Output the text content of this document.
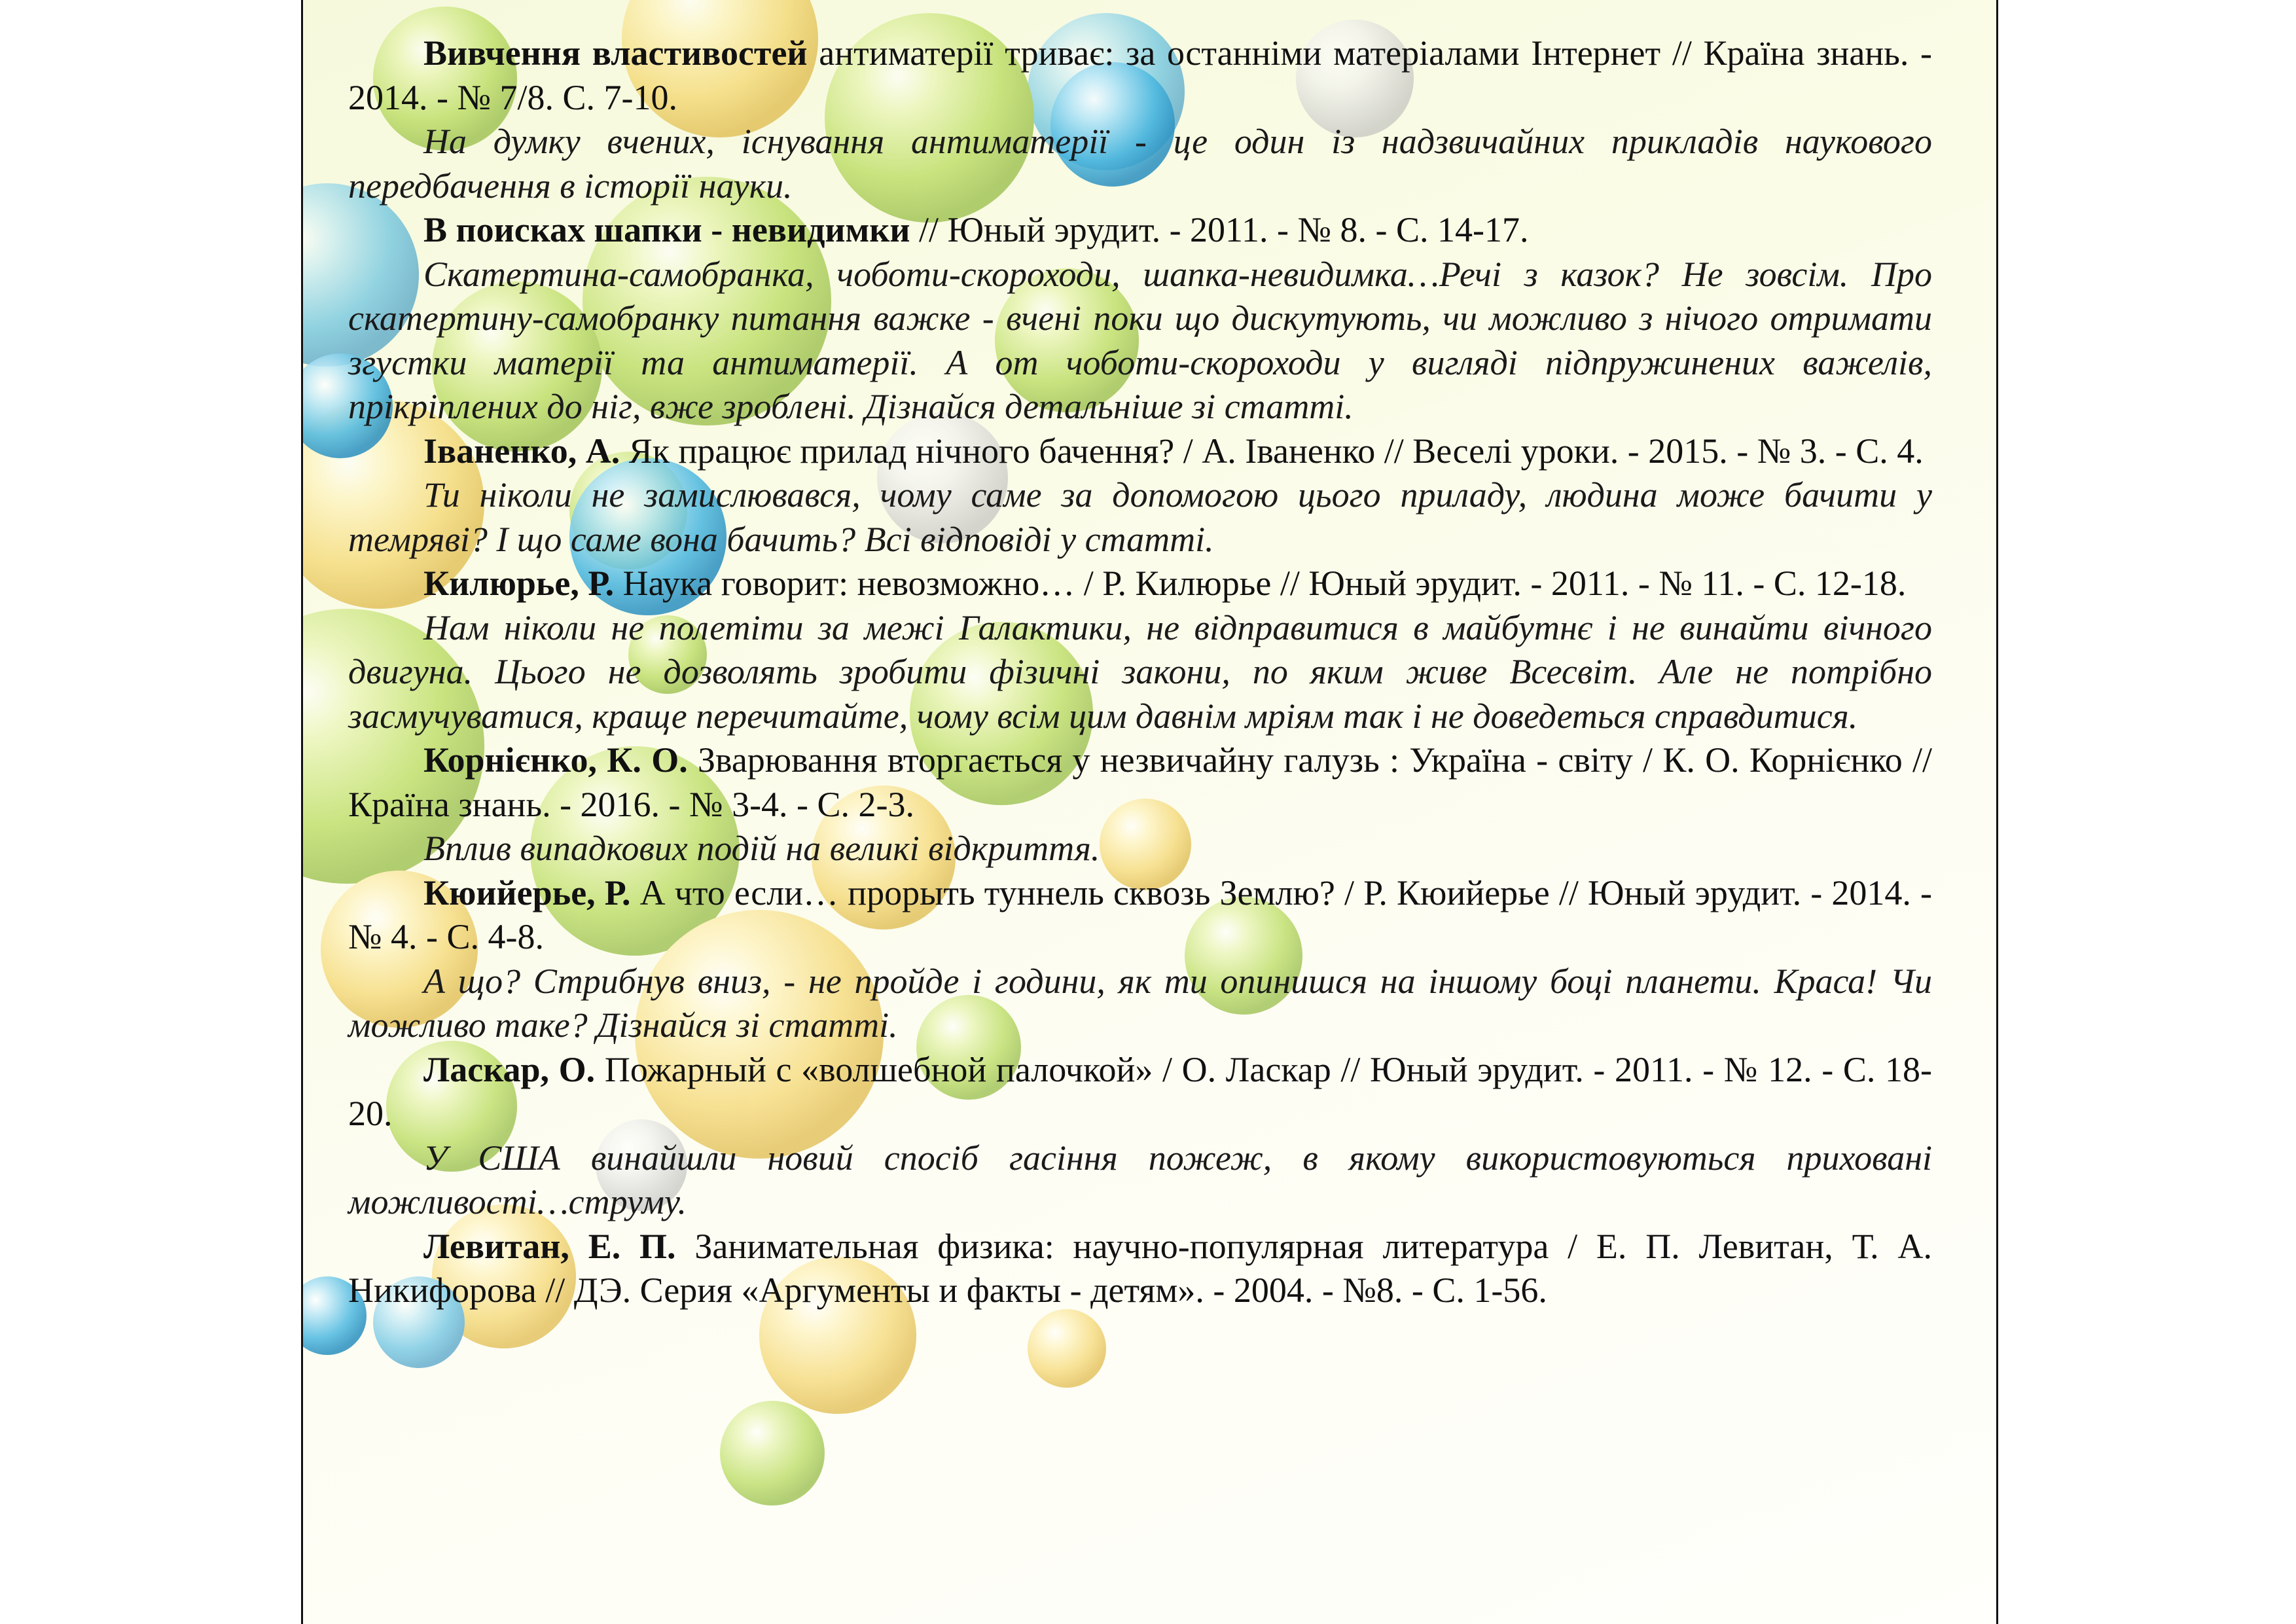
Вивчення властивостей антиматерії триває: за останніми матеріалами Інтернет // Країна знань. - 2014. - № 7/8. С. 7-10.

На думку вчених, існування антиматерії - це один із надзвичайних прикладів наукового передбачення в історії науки.

В поисках шапки - невидимки // Юный эрудит. - 2011. - № 8. - С. 14-17.

Скатертина-самобранка, чоботи-скороходи, шапка-невидимка…Речі з казок? Не зовсім. Про скатертину-самобранку питання важке - вчені поки що дискутують, чи можливо з нічого отримати згустки матерії та антиматерії. А от чоботи-скороходи у вигляді підпружинених важелів, прікріплених до ніг, вже зроблені. Дізнайся детальніше зі статті.

Іваненко, А. Як працює прилад нічного бачення? / А. Іваненко // Веселі уроки. - 2015. - № 3. - С. 4.

Ти ніколи не замислювався, чому саме за допомогою цього приладу, людина може бачити у темряві? І що саме вона бачить? Всі відповіді у статті.

Килюрье, Р. Наука говорит: невозможно… / Р. Килюрье // Юный эрудит. - 2011. - № 11. - С. 12-18.

Нам ніколи не полетіти за межі Галактики, не відправитися в майбутнє і не винайти вічного двигуна. Цього не дозволять зробити фізичні закони, по яким живе Всесвіт. Але не потрібно засмучуватися, краще перечитайте, чому всім цим давнім мріям так і не доведеться справдитися.

Корнієнко, К. О. Зварювання вторгається у незвичайну галузь : Україна - світу / К. О. Корнієнко // Країна знань. - 2016. - № 3-4. - С. 2-3.

Вплив випадкових подій на великі відкриття.

Кюийерье, Р. А что если… прорыть туннель сквозь Землю? / Р. Кюийерье // Юный эрудит. - 2014. - № 4. - С. 4-8.

А що? Стрибнув вниз, - не пройде і години, як ти опинишся на іншому боці планети. Краса! Чи можливо таке? Дізнайся зі статті.

Ласкар, О. Пожарный с «волшебной палочкой» / О. Ласкар // Юный эрудит. - 2011. - № 12. - С. 18-20.

У США винайшли новий спосіб гасіння пожеж, в якому використовуються приховані можливості…струму.

Левитан, Е. П. Занимательная физика: научно-популярная литература / Е. П. Левитан, Т. А. Никифорова // ДЭ. Серия «Аргументы и факты - детям». - 2004. - №8. - С. 1-56.
